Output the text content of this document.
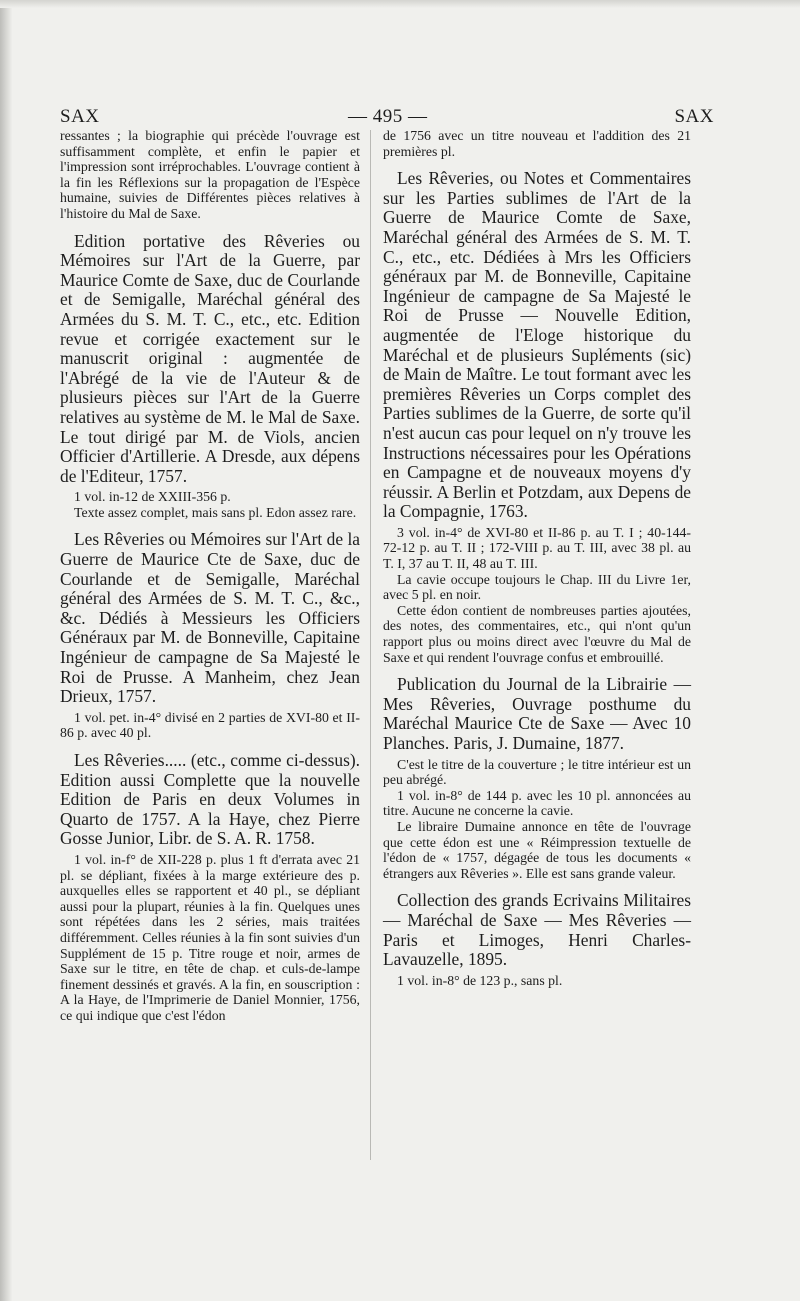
SAX	— 495 —	SAX

ressantes ; la biographie qui précède l'ouvrage est suffisamment complète, et enfin le papier et l'impression sont irréprochables. L'ouvrage contient à la fin les Réflexions sur la propagation de l'Espèce humaine, suivies de Différentes pièces relatives à l'histoire du Mal de Saxe.

Edition portative des Rêveries ou Mémoires sur l'Art de la Guerre, par Maurice Comte de Saxe, duc de Courlande et de Semigalle, Maréchal général des Armées du S. M. T. C., etc., etc. Edition revue et corrigée exactement sur le manuscrit original : augmentée de l'Abrégé de la vie de l'Auteur & de plusieurs pièces sur l'Art de la Guerre relatives au système de M. le Mal de Saxe. Le tout dirigé par M. de Viols, ancien Officier d'Artillerie. A Dresde, aux dépens de l'Editeur, 1757.

1 vol. in-12 de XXIII-356 p.

Texte assez complet, mais sans pl. Edon assez rare.

Les Rêveries ou Mémoires sur l'Art de la Guerre de Maurice Cte de Saxe, duc de Courlande et de Semigalle, Maréchal général des Armées de S. M. T. C., &c., &c. Dédiés à Messieurs les Officiers Généraux par M. de Bonneville, Capitaine Ingénieur de campagne de Sa Majesté le Roi de Prusse. A Manheim, chez Jean Drieux, 1757.

1 vol. pet. in-4° divisé en 2 parties de XVI-80 et II-86 p. avec 40 pl.

Les Rêveries..... (etc., comme ci-dessus). Edition aussi Complette que la nouvelle Edition de Paris en deux Volumes in Quarto de 1757. A la Haye, chez Pierre Gosse Junior, Libr. de S. A. R. 1758.

1 vol. in-f° de XII-228 p. plus 1 ft d'errata avec 21 pl. se dépliant, fixées à la marge extérieure des p. auxquelles elles se rapportent et 40 pl., se dépliant aussi pour la plupart, réunies à la fin. Quelques unes sont répétées dans les 2 séries, mais traitées différemment. Celles réunies à la fin sont suivies d'un Supplément de 15 p. Titre rouge et noir, armes de Saxe sur le titre, en tête de chap. et culs-de-lampe finement dessinés et gravés. A la fin, en souscription : A la Haye, de l'Imprimerie de Daniel Monnier, 1756, ce qui indique que c'est l'édon

de 1756 avec un titre nouveau et l'addition des 21 premières pl.

Les Rêveries, ou Notes et Commentaires sur les Parties sublimes de l'Art de la Guerre de Maurice Comte de Saxe, Maréchal général des Armées de S. M. T. C., etc., etc. Dédiées à Mrs les Officiers généraux par M. de Bonneville, Capitaine Ingénieur de campagne de Sa Majesté le Roi de Prusse — Nouvelle Edition, augmentée de l'Eloge historique du Maréchal et de plusieurs Supléments (sic) de Main de Maître. Le tout formant avec les premières Rêveries un Corps complet des Parties sublimes de la Guerre, de sorte qu'il n'est aucun cas pour lequel on n'y trouve les Instructions nécessaires pour les Opérations en Campagne et de nouveaux moyens d'y réussir. A Berlin et Potzdam, aux Depens de la Compagnie, 1763.

3 vol. in-4° de XVI-80 et II-86 p. au T. I ; 40-144-72-12 p. au T. II ; 172-VIII p. au T. III, avec 38 pl. au T. I, 37 au T. II, 48 au T. III.

La cavie occupe toujours le Chap. III du Livre 1er, avec 5 pl. en noir.

Cette édon contient de nombreuses parties ajoutées, des notes, des commentaires, etc., qui n'ont qu'un rapport plus ou moins direct avec l'œuvre du Mal de Saxe et qui rendent l'ouvrage confus et embrouillé.

Publication du Journal de la Librairie — Mes Rêveries, Ouvrage posthume du Maréchal Maurice Cte de Saxe — Avec 10 Planches. Paris, J. Dumaine, 1877.

C'est le titre de la couverture ; le titre intérieur est un peu abrégé.

1 vol. in-8° de 144 p. avec les 10 pl. annoncées au titre. Aucune ne concerne la cavie.

Le libraire Dumaine annonce en tête de l'ouvrage que cette édon est une « Réimpression textuelle de l'édon de « 1757, dégagée de tous les documents « étrangers aux Rêveries ». Elle est sans grande valeur.

Collection des grands Ecrivains Militaires — Maréchal de Saxe — Mes Rêveries — Paris et Limoges, Henri Charles-Lavauzelle, 1895.

1 vol. in-8° de 123 p., sans pl.
